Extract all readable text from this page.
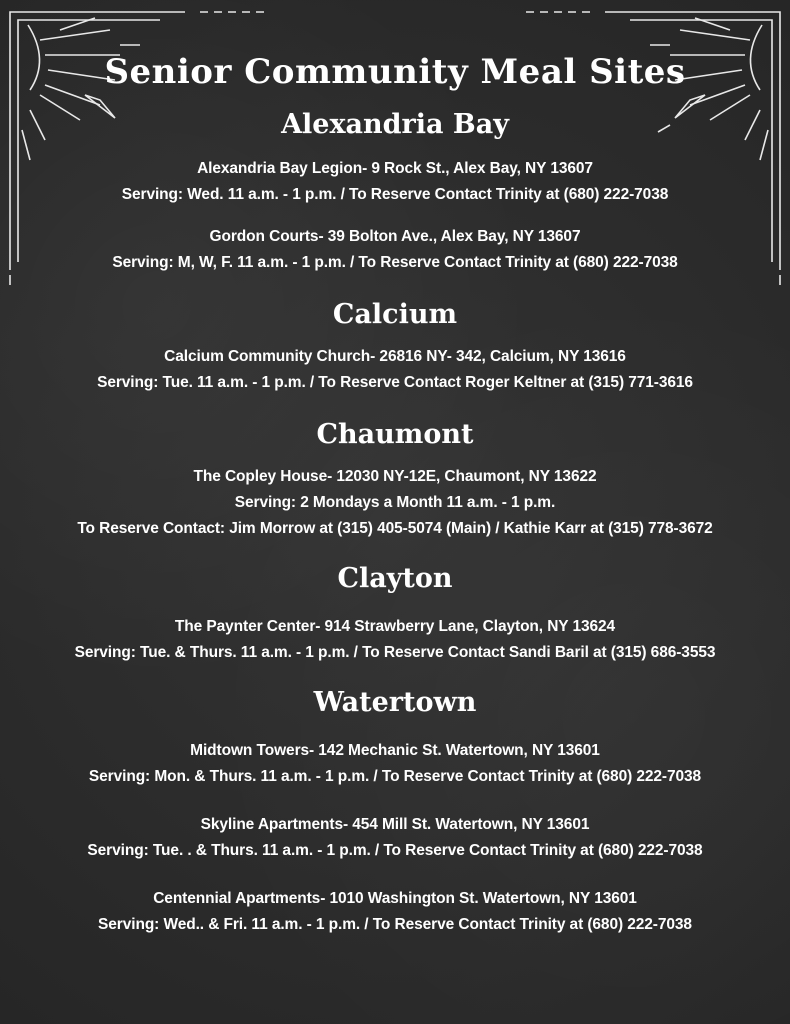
Senior Community Meal Sites
Alexandria Bay
Alexandria Bay Legion- 9 Rock St., Alex Bay, NY 13607
Serving: Wed. 11 a.m. - 1 p.m. / To Reserve Contact Trinity at (680) 222-7038
Gordon Courts- 39 Bolton Ave., Alex Bay, NY 13607
Serving: M, W, F. 11 a.m. - 1 p.m. / To Reserve Contact Trinity at (680) 222-7038
Calcium
Calcium Community Church- 26816 NY- 342, Calcium, NY 13616
Serving: Tue. 11 a.m. - 1 p.m. / To Reserve Contact Roger Keltner at (315) 771-3616
Chaumont
The Copley House- 12030 NY-12E, Chaumont, NY 13622
Serving: 2 Mondays a Month 11 a.m. - 1 p.m.
To Reserve Contact: Jim Morrow at (315) 405-5074 (Main) / Kathie Karr at (315) 778-3672
Clayton
The Paynter Center- 914 Strawberry Lane, Clayton, NY 13624
Serving: Tue. & Thurs. 11 a.m. - 1 p.m. / To Reserve Contact Sandi Baril at (315) 686-3553
Watertown
Midtown Towers- 142 Mechanic St. Watertown, NY 13601
Serving: Mon. & Thurs. 11 a.m. - 1 p.m. / To Reserve Contact Trinity at (680) 222-7038
Skyline Apartments- 454 Mill St. Watertown, NY 13601
Serving: Tue. . & Thurs. 11 a.m. - 1 p.m. / To Reserve Contact Trinity at (680) 222-7038
Centennial Apartments- 1010 Washington St. Watertown, NY 13601
Serving: Wed.. & Fri. 11 a.m. - 1 p.m. / To Reserve Contact Trinity at (680) 222-7038
